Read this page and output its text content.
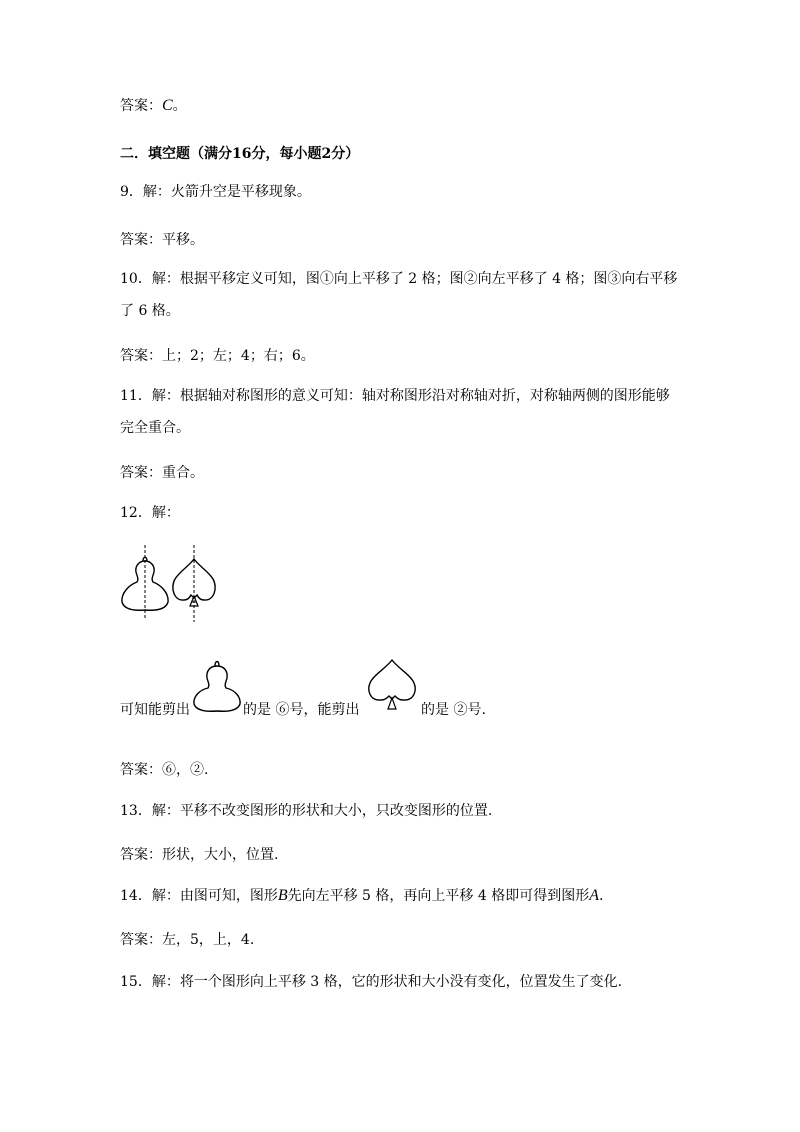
答案：C。
二．填空题（满分16分，每小题2分）
9．解：火箭升空是平移现象。
答案：平移。
10．解：根据平移定义可知，图①向上平移了 2 格；图②向左平移了 4 格；图③向右平移
了 6 格。
答案：上；2；左；4；右；6。
11．解：根据轴对称图形的意义可知：轴对称图形沿对称轴对折，对称轴两侧的图形能够
完全重合。
答案：重合。
12．解：
可知能剪出	的是 ⑥号，能剪出	的是 ②号.
答案：⑥，②.
13．解：平移不改变图形的形状和大小，只改变图形的位置.
答案：形状，大小，位置.
14．解：由图可知，图形B先向左平移 5 格，再向上平移 4 格即可得到图形A.
答案：左，5，上，4.
15．解：将一个图形向上平移 3 格，它的形状和大小没有变化，位置发生了变化.
